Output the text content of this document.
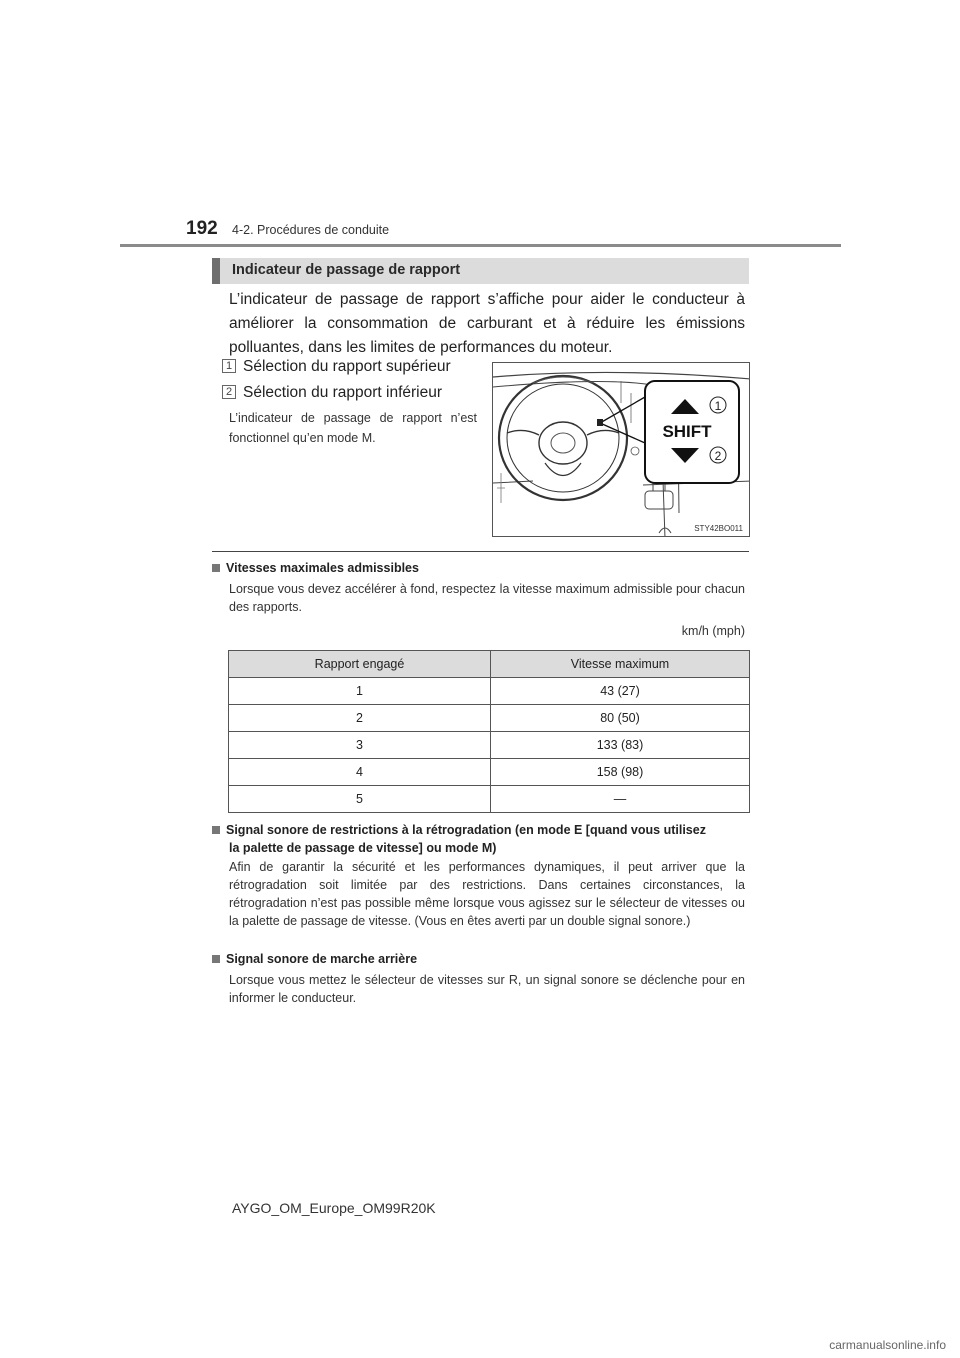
192 4-2. Procédures de conduite
Indicateur de passage de rapport
L’indicateur de passage de rapport s’affiche pour aider le conducteur à améliorer la consommation de carburant et à réduire les émissions polluantes, dans les limites de performances du moteur.
1 Sélection du rapport supérieur
2 Sélection du rapport inférieur
L’indicateur de passage de rapport n’est fonctionnel qu’en mode M.	SHIFT
1
2
STY42BO011
Vitesses maximales admissibles
Lorsque vous devez accélérer à fond, respectez la vitesse maximum admissible pour chacun des rapports.
km/h (mph)
Rapport engagé	Vitesse maximum
1	43 (27)
2	80 (50)
3	133 (83)
4	158 (98)
5	—
Signal sonore de restrictions à la rétrogradation (en mode E [quand vous utilisez
la palette de passage de vitesse] ou mode M)
Afin de garantir la sécurité et les performances dynamiques, il peut arriver que la rétrogradation soit limitée par des restrictions. Dans certaines circonstances, la rétrogradation n’est pas possible même lorsque vous agissez sur le sélecteur de vitesses ou la palette de passage de vitesse. (Vous en êtes averti par un double signal sonore.)
Signal sonore de marche arrière
Lorsque vous mettez le sélecteur de vitesses sur R, un signal sonore se déclenche pour en informer le conducteur.
AYGO_OM_Europe_OM99R20K
carmanualsonline.info
